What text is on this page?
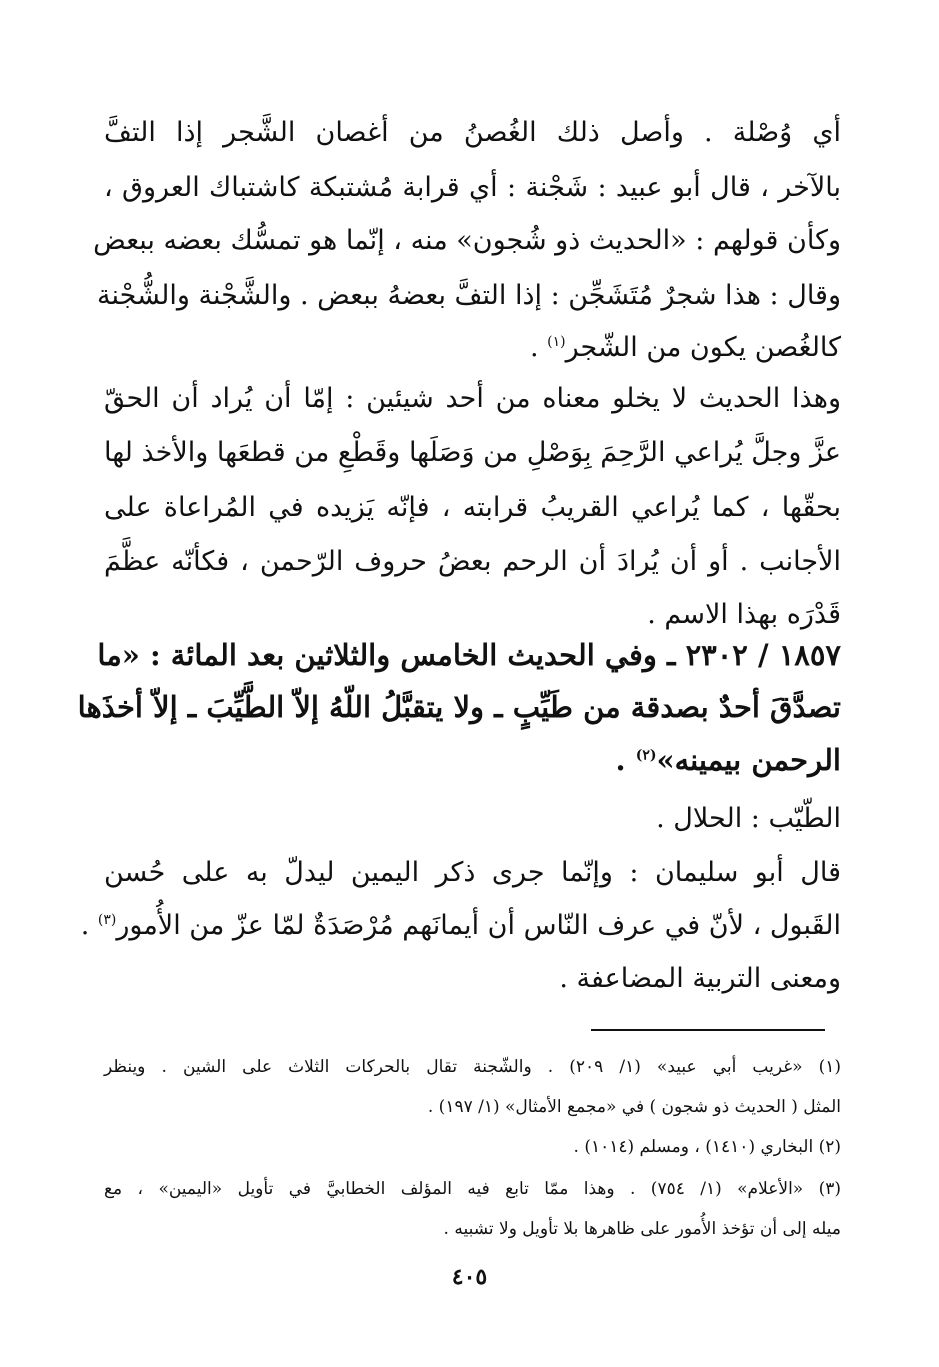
أي وُصْلة . وأصل ذلك الغُصنُ من أغصان الشَّجر إذا التفَّ
بالآخر ، قال أبو عبيد : شَجْنة : أي قرابة مُشتبكة كاشتباك العروق ،
وكأن قولهم : «الحديث ذو شُجون» منه ، إنّما هو تمسُّك بعضه ببعض
وقال : هذا شجرٌ مُتَشَجِّن : إذا التفَّ بعضهُ ببعض . والشَّجْنة والشُّجْنة
كالغُصن يكون من الشّجر$^{(١)}$ .
وهذا الحديث لا يخلو معناه من أحد شيئين : إمّا أن يُراد أن الحقّ
عزَّ وجلَّ يُراعي الرَّحِمَ بِوَصْلِ من وَصَلَها وقَطْعِ من قطعَها والأخذ لها
بحقّها ، كما يُراعي القريبُ قرابته ، فإنّه يَزيده في المُراعاة على
الأجانب . أو أن يُرادَ أن الرحم بعضُ حروف الرّحمن ، فكأنّه عظَّمَ
قَدْرَه بهذا الاسم .
١٨٥٧ / ٢٣٠٢ ـ وفي الحديث الخامس والثلاثين بعد المائة : «ما
تصدَّقَ أحدٌ بصدقة من طَيِّبٍ ـ ولا يتقبَّلُ اللّهُ إلاّ الطَّيِّبَ ـ إلاّ أخذَها
الرحمن بيمينه»$^{(٢)}$ .
الطّيّب : الحلال .
قال أبو سليمان : وإنّما جرى ذكر اليمين ليدلّ به على حُسن
القَبول ، لأنّ في عرف النّاس أن أيمانَهم مُرْصَدَةٌ لمّا عزّ من الأُمور$^{(٣)}$ .
ومعنى التربية المضاعفة .
(١) «غريب أبي عبيد» (١/ ٢٠٩) . والشّجنة تقال بالحركات الثلاث على الشين . وينظر
المثل ( الحديث ذو شجون ) في «مجمع الأمثال» (١/ ١٩٧) .
(٢) البخاري (١٤١٠) ، ومسلم (١٠١٤) .
(٣) «الأعلام» (١/ ٧٥٤) . وهذا ممّا تابع فيه المؤلف الخطابيَّ في تأويل «اليمين» ، مع
ميله إلى أن تؤخذ الأُمور على ظاهرها بلا تأويل ولا تشبيه .
٤٠٥
